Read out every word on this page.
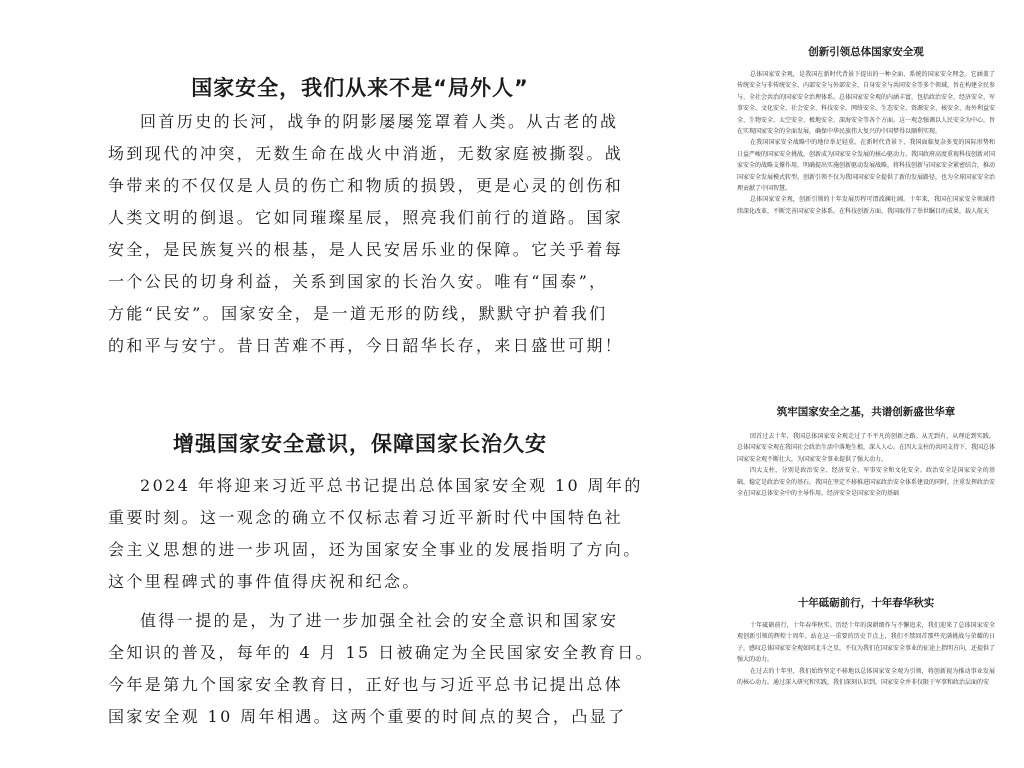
国家安全，我们从来不是“局外人”

回首历史的长河，战争的阴影屡屡笼罩着人类。从古老的战

场到现代的冲突，无数生命在战火中消逝，无数家庭被撕裂。战

争带来的不仅仅是人员的伤亡和物质的损毁，更是心灵的创伤和

人类文明的倒退。它如同璀璨星辰，照亮我们前行的道路。国家

安全，是民族复兴的根基，是人民安居乐业的保障。它关乎着每

一个公民的切身利益，关系到国家的长治久安。唯有“国泰”，

方能“民安”。国家安全，是一道无形的防线，默默守护着我们

的和平与安宁。昔日苦难不再，今日韶华长存，来日盛世可期！

增强国家安全意识，保障国家长治久安

2024 年将迎来习近平总书记提出总体国家安全观 10 周年的

重要时刻。这一观念的确立不仅标志着习近平新时代中国特色社

会主义思想的进一步巩固，还为国家安全事业的发展指明了方向。

这个里程碑式的事件值得庆祝和纪念。

值得一提的是，为了进一步加强全社会的安全意识和国家安

全知识的普及，每年的 4 月 15 日被确定为全民国家安全教育日。

今年是第九个国家安全教育日，正好也与习近平总书记提出总体

国家安全观 10 周年相遇。这两个重要的时间点的契合，凸显了

创新引领总体国家安全观

总体国家安全观，是我国在新时代背景下提出的一种全面、系统的国家安全理念。它涵盖了传统安全与非传统安全、内部安全与外部安全、自身安全与共同安全等多个领域，旨在构建全民参与、全社会共治的国家安全治理体系。总体国家安全观的内涵丰富，包括政治安全、经济安全、军事安全、文化安全、社会安全、科技安全、网络安全、生态安全、资源安全、核安全、海外利益安全、生物安全、太空安全、极地安全、深海安全等各个方面。这一观念强调以人民安全为中心，旨在实现国家安全的全面发展，确保中华民族伟大复兴的中国梦得以顺利实现。

在我国国家安全战略中的地位举足轻重。在新时代背景下，我国面临复杂多变的国际形势和日益严峻的国家安全挑战，创新成为国家安全发展的核心驱动力。我国政府高度重视科技创新对国家安全的战略支撑作用，明确提出实施创新驱动发展战略，将科技创新与国家安全紧密结合，推动国家安全发展模式转型。创新引领不仅为我国国家安全提供了新的发展路径，也为全球国家安全治理贡献了中国智慧。

总体国家安全观，创新引领的十年发展历程可谓波澜壮阔。十年来，我国在国家安全领域持续深化改革，不断完善国家安全体系。在科技创新方面，我国取得了举世瞩目的成果，载人航天

筑牢国家安全之基，共谱创新盛世华章

回首过去十年，我国总体国家安全观走过了不平凡的创新之路。从无到有，从理论到实践，总体国家安全观在我国社会政治生活中落地生根，深入人心。在四大支柱的共同支持下，我国总体国家安全观不断壮大，为国家安全事业提供了强大动力。

四大支柱，分别是政治安全、经济安全、军事安全和文化安全。政治安全是国家安全的基础，稳定是政治安全的基石。我国在坚定不移推进国家政治安全体系建设的同时，注重发挥政治安全在国家总体安全中的主导作用。经济安全是国家安全的基础

十年砥砺前行，十年春华秋实

十年砥砺前行，十年春华秋实。历经十年的深耕细作与不懈追求，我们迎来了总体国家安全观创新引领的辉煌十周年。站在这一重要的历史节点上，我们不禁回首那些充满挑战与荣耀的日子，感叹总体国家安全观如同北斗之星，不仅为我们在国家安全事业的征途上指明方向，还提供了强大的动力。

在过去的十年里，我们始终坚定不移地以总体国家安全观为引领，将创新视为推动事业发展的核心动力。通过深入研究和实践，我们深刻认识到，国家安全并非仅限于军事和政治层面的安
